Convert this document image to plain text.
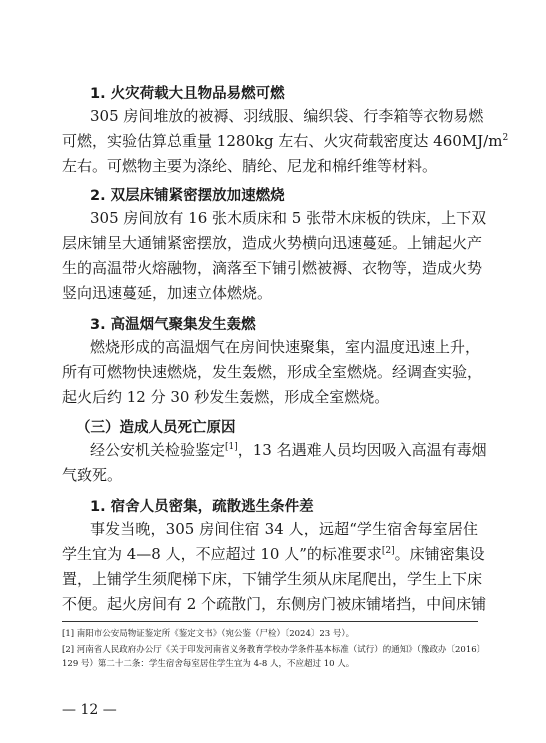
1. 火灾荷载大且物品易燃可燃
305 房间堆放的被褥、羽绒服、编织袋、行李箱等衣物易燃
可燃，实验估算总重量 1280kg 左右、火灾荷载密度达 $460MJ/m^2$
左右。可燃物主要为涤纶、腈纶、尼龙和棉纤维等材料。
2. 双层床铺紧密摆放加速燃烧
305 房间放有 16 张木质床和 5 张带木床板的铁床，上下双
层床铺呈大通铺紧密摆放，造成火势横向迅速蔓延。上铺起火产
生的高温带火熔融物，滴落至下铺引燃被褥、衣物等，造成火势
竖向迅速蔓延，加速立体燃烧。
3. 高温烟气聚集发生轰燃
燃烧形成的高温烟气在房间快速聚集，室内温度迅速上升，
所有可燃物快速燃烧，发生轰燃，形成全室燃烧。经调查实验，
起火后约 12 分 30 秒发生轰燃，形成全室燃烧。
（三）造成人员死亡原因
经公安机关检验鉴定[1]，13 名遇难人员均因吸入高温有毒烟
气致死。
1. 宿舍人员密集，疏散逃生条件差
事发当晚，305 房间住宿 34 人，远超“学生宿舍每室居住
学生宜为 4—8 人，不应超过 10 人”的标准要求[2]。床铺密集设
置，上铺学生须爬梯下床，下铺学生须从床尾爬出，学生上下床
不便。起火房间有 2 个疏散门，东侧房门被床铺堵挡，中间床铺
[1] 南阳市公安局物证鉴定所《鉴定文书》（宛公鉴（尸检）〔2024〕23 号）。
[2] 河南省人民政府办公厅《关于印发河南省义务教育学校办学条件基本标准（试行）的通知》（豫政办〔2016〕
129 号）第二十二条：学生宿舍每室居住学生宜为 4-8 人，不应超过 10 人。
— 12 —
